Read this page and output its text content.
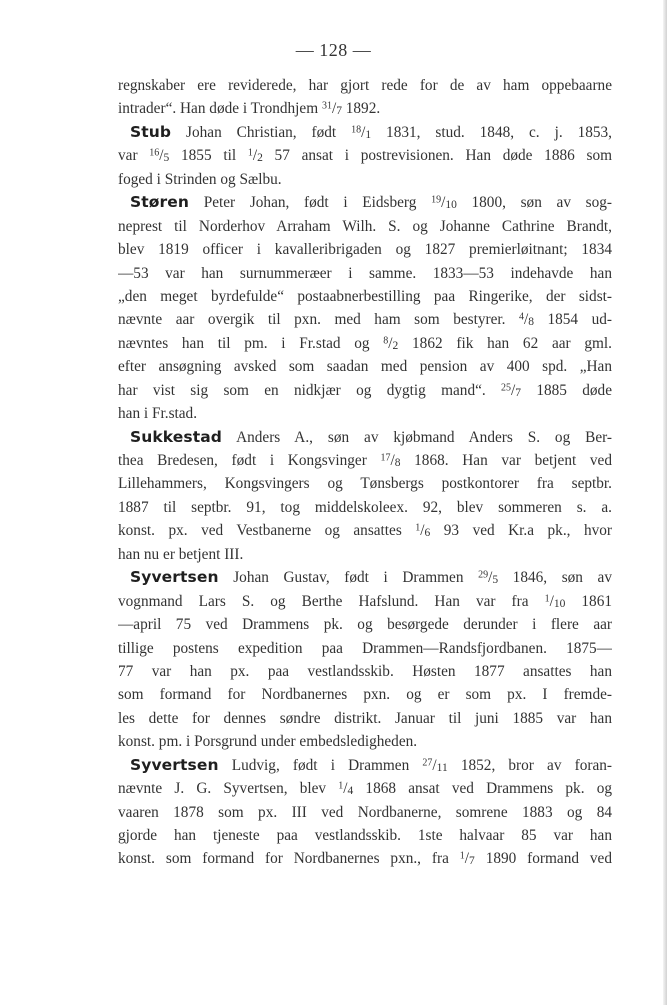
— 128 —
regnskaber ere reviderede, har gjort rede for de av ham oppebaarne
intrader“. Han døde i Trondhjem $^{31}/_7$ 1892.
Stub Johan Christian, født $^{18}/_1$ 1831, stud. 1848, c. j. 1853,
var $^{16}/_5$ 1855 til $^1/_2$ 57 ansat i postrevisionen. Han døde 1886 som
foged i Strinden og Sælbu.
Støren Peter Johan, født i Eidsberg $^{19}/_{10}$ 1800, søn av sog-
neprest til Norderhov Arraham Wilh. S. og Johanne Cathrine Brandt,
blev 1819 officer i kavalleribrigaden og 1827 premierløitnant; 1834
—53 var han surnummeræer i samme. 1833—53 indehavde han
„den meget byrdefulde“ postaabnerbestilling paa Ringerike, der sidst-
nævnte aar overgik til pxn. med ham som bestyrer. $^4/_8$ 1854 ud-
nævntes han til pm. i Fr.stad og $^8/_2$ 1862 fik han 62 aar gml.
efter ansøgning avsked som saadan med pension av 400 spd. „Han
har vist sig som en nidkjær og dygtig mand“. $^{25}/_7$ 1885 døde
han i Fr.stad.
Sukkestad Anders A., søn av kjøbmand Anders S. og Ber-
thea Bredesen, født i Kongsvinger $^{17}/_8$ 1868. Han var betjent ved
Lillehammers, Kongsvingers og Tønsbergs postkontorer fra septbr.
1887 til septbr. 91, tog middelskoleex. 92, blev sommeren s. a.
konst. px. ved Vestbanerne og ansattes $^1/_6$ 93 ved Kr.a pk., hvor
han nu er betjent III.
Syvertsen Johan Gustav, født i Drammen $^{29}/_5$ 1846, søn av
vognmand Lars S. og Berthe Hafslund. Han var fra $^1/_{10}$ 1861
—april 75 ved Drammens pk. og besørgede derunder i flere aar
tillige postens expedition paa Drammen—Randsfjordbanen. 1875—
77 var han px. paa vestlandsskib. Høsten 1877 ansattes han
som formand for Nordbanernes pxn. og er som px. I fremde-
les dette for dennes søndre distrikt. Januar til juni 1885 var han
konst. pm. i Porsgrund under embedsledigheden.
Syvertsen Ludvig, født i Drammen $^{27}/_{11}$ 1852, bror av foran-
nævnte J. G. Syvertsen, blev $^1/_4$ 1868 ansat ved Drammens pk. og
vaaren 1878 som px. III ved Nordbanerne, somrene 1883 og 84
gjorde han tjeneste paa vestlandsskib. 1ste halvaar 85 var han
konst. som formand for Nordbanernes pxn., fra $^1/_7$ 1890 formand ved
